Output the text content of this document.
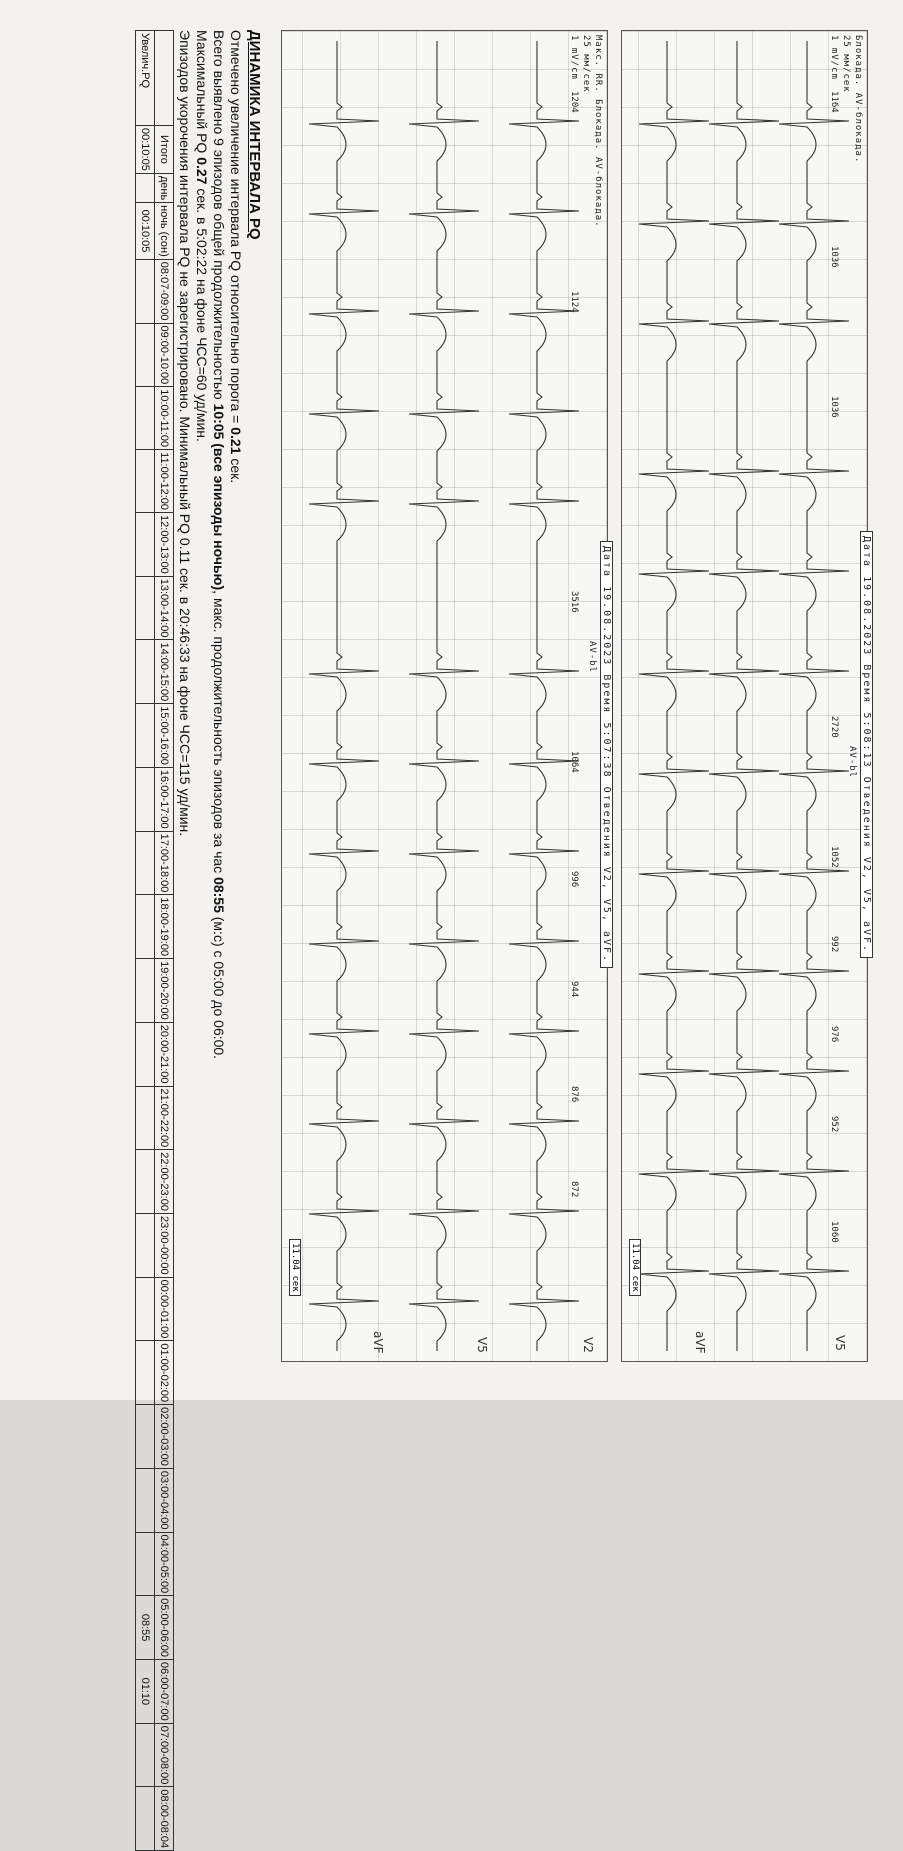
Блокада. AV-блокада.
25 мм/сек
1 mV/cm
1164
Дата 19.08.2023 Время 5:08:13 Отведения V2, V5, aVF.
AV-bl
11.04 сек
V5
aVF
1036
1036
2720
1052
992
976
952
1060
Макс. RR. Блокада. AV-блокада.
25 мм/сек
1 mV/cm
1204
Дата 19.08.2023 Время 5:07:38 Отведения V2, V5, aVF.
AV-bl
11.04 сек
V2
V5
aVF
1124
3516
1064
996
944
876
872
ДИНАМИКА ИНТЕРВАЛА PQ
Отмечено увеличение интервала PQ относительно порога = 0.21 сек.
Всего выявлено 9 эпизодов общей продолжительностью 10:05 (все эпизоды ночью), макс. продолжительность эпизодов за час 08:55 (м:с) с 05:00 до 06:00.
Максимальный PQ 0.27 сек. в 5:02:22 на фоне ЧСС=60 уд/мин.
Эпизодов укорочения интервала PQ не зарегистрировано. Минимальный PQ 0.11 сек. в 20:46:33 на фоне ЧСС=115 уд/мин.
	Итого	день	ночь (сон)	08:07-09:00	09:00-10:00	10:00-11:00	11:00-12:00	12:00-13:00	13:00-14:00	14:00-15:00	15:00-16:00	16:00-17:00	17:00-18:00	18:00-19:00	19:00-20:00	20:00-21:00	21:00-22:00	22:00-23:00	23:00-00:00	00:00-01:00	01:00-02:00	02:00-03:00	03:00-04:00	04:00-05:00	05:00-06:00	06:00-07:00	07:00-08:00	08:00-08:04
Увелич.PQ	00:10:05		00:10:05																						08:55	01:10		
